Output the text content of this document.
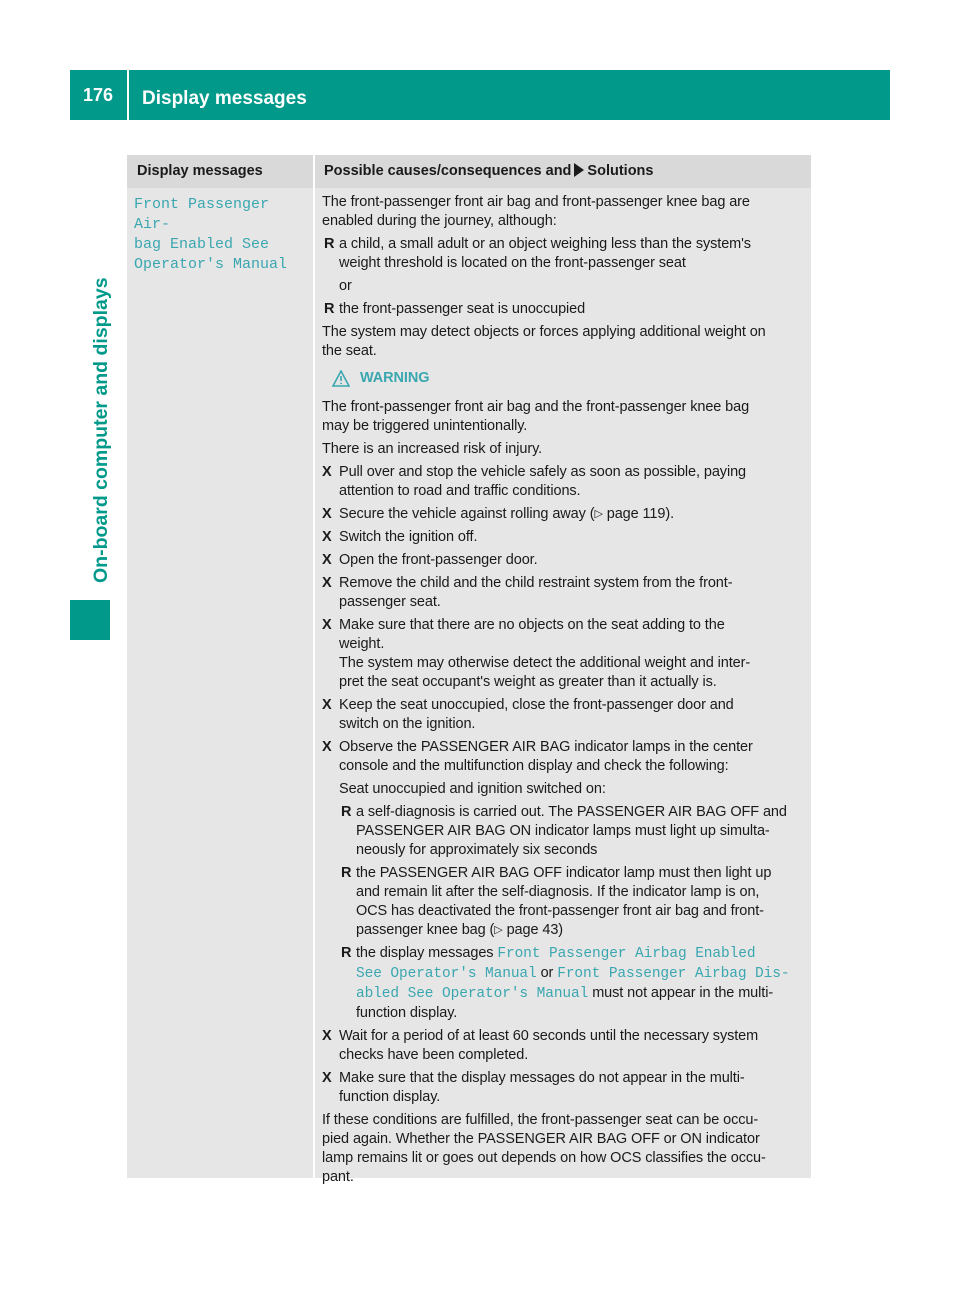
176	Display messages
On-board computer and displays
Display messages	Possible causes/consequences and Solutions
Front Passenger Air‐
bag Enabled See
Operator's Manual
The front-passenger front air bag and front-passenger knee bag are
enabled during the journey, although:
R a child, a small adult or an object weighing less than the system's
weight threshold is located on the front-passenger seat
or
R the front-passenger seat is unoccupied
The system may detect objects or forces applying additional weight on
the seat.
WARNING
The front-passenger front air bag and the front-passenger knee bag
may be triggered unintentionally.
There is an increased risk of injury.
X Pull over and stop the vehicle safely as soon as possible, paying
attention to road and traffic conditions.
X Secure the vehicle against rolling away (▷ page 119).
X Switch the ignition off.
X Open the front-passenger door.
X Remove the child and the child restraint system from the front-
passenger seat.
X Make sure that there are no objects on the seat adding to the
weight.
The system may otherwise detect the additional weight and inter-
pret the seat occupant's weight as greater than it actually is.
X Keep the seat unoccupied, close the front-passenger door and
switch on the ignition.
X Observe the PASSENGER AIR BAG indicator lamps in the center
console and the multifunction display and check the following:
Seat unoccupied and ignition switched on:
R a self-diagnosis is carried out. The PASSENGER AIR BAG OFF and
PASSENGER AIR BAG ON indicator lamps must light up simulta-
neously for approximately six seconds
R the PASSENGER AIR BAG OFF indicator lamp must then light up
and remain lit after the self-diagnosis. If the indicator lamp is on,
OCS has deactivated the front-passenger front air bag and front-
passenger knee bag (▷ page 43)
R the display messages Front Passenger Airbag Enabled
See Operator's Manual or Front Passenger Airbag Dis‐
abled See Operator's Manual must not appear in the multi-
function display.
X Wait for a period of at least 60 seconds until the necessary system
checks have been completed.
X Make sure that the display messages do not appear in the multi-
function display.
If these conditions are fulfilled, the front-passenger seat can be occu-
pied again. Whether the PASSENGER AIR BAG OFF or ON indicator
lamp remains lit or goes out depends on how OCS classifies the occu-
pant.
